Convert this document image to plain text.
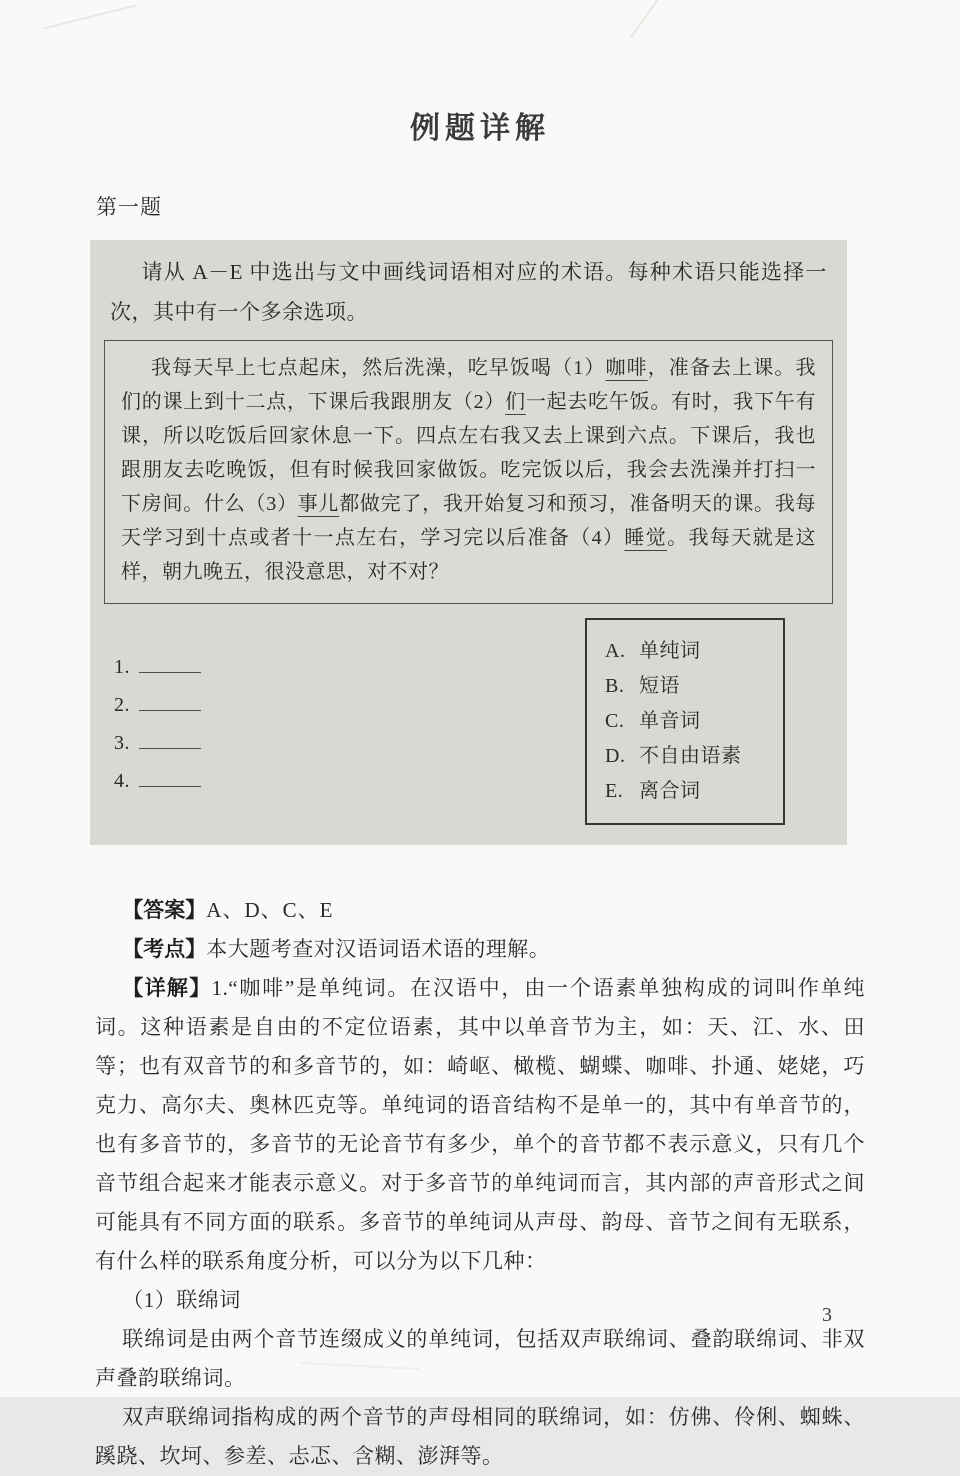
例题详解
第一题

请从 A－E 中选出与文中画线词语相对应的术语。每种术语只能选择一次，其中有一个多余选项。

我每天早上七点起床，然后洗澡，吃早饭喝（1）咖啡，准备去上课。我们的课上到十二点，下课后我跟朋友（2）们一起去吃午饭。有时，我下午有课，所以吃饭后回家休息一下。四点左右我又去上课到六点。下课后，我也跟朋友去吃晚饭，但有时候我回家做饭。吃完饭以后，我会去洗澡并打扫一下房间。什么（3）事儿都做完了，我开始复习和预习，准备明天的课。我每天学习到十点或者十一点左右，学习完以后准备（4）睡觉。我每天就是这样，朝九晚五，很没意思，对不对？

1.
2.
3.
4.
A. 单纯词
B. 短语
C. 单音词
D. 不自由语素
E. 离合词

【答案】A、D、C、E

【考点】本大题考查对汉语词语术语的理解。

【详解】1.“咖啡”是单纯词。在汉语中，由一个语素单独构成的词叫作单纯词。这种语素是自由的不定位语素，其中以单音节为主，如：天、江、水、田等；也有双音节的和多音节的，如：崎岖、橄榄、蝴蝶、咖啡、扑通、姥姥，巧克力、高尔夫、奥林匹克等。单纯词的语音结构不是单一的，其中有单音节的，也有多音节的，多音节的无论音节有多少，单个的音节都不表示意义，只有几个音节组合起来才能表示意义。对于多音节的单纯词而言，其内部的声音形式之间可能具有不同方面的联系。多音节的单纯词从声母、韵母、音节之间有无联系，有什么样的联系角度分析，可以分为以下几种：

（1）联绵词

联绵词是由两个音节连缀成义的单纯词，包括双声联绵词、叠韵联绵词、非双声叠韵联绵词。

双声联绵词指构成的两个音节的声母相同的联绵词，如：仿佛、伶俐、蜘蛛、蹊跷、坎坷、参差、忐忑、含糊、澎湃等。

3
